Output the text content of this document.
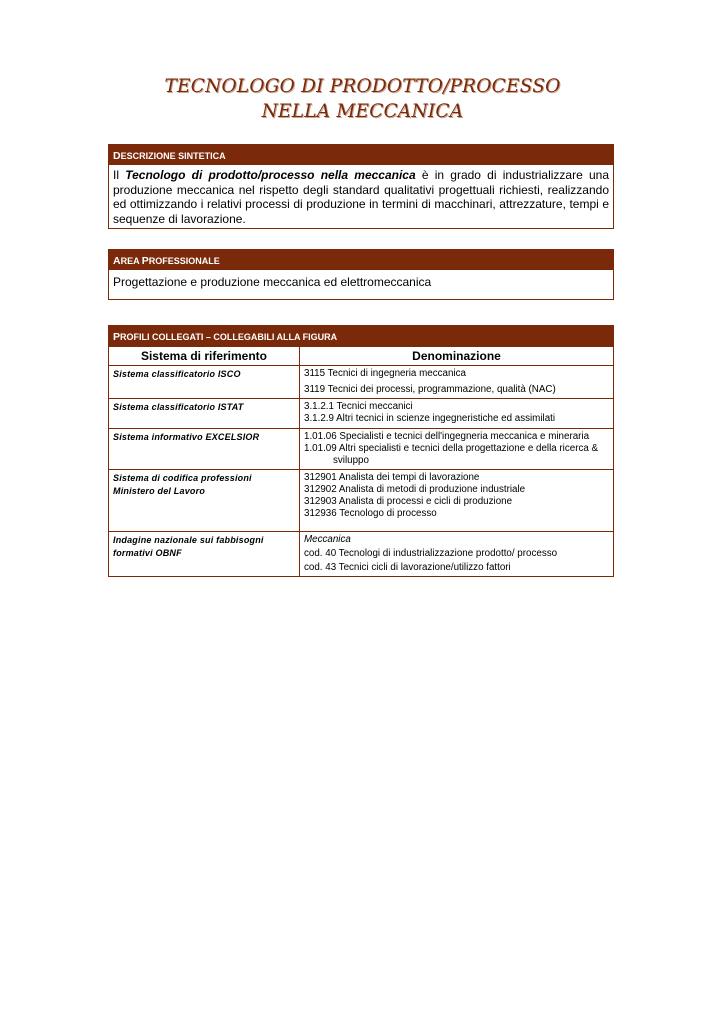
TECNOLOGO DI PRODOTTO/PROCESSO
NELLA MECCANICA
DESCRIZIONE SINTETICA
Il Tecnologo di prodotto/processo nella meccanica è in grado di industrializzare una produzione meccanica nel rispetto degli standard qualitativi progettuali richiesti, realizzando ed ottimizzando i relativi processi di produzione in termini di macchinari, attrezzature, tempi e sequenze di lavorazione.
AREA PROFESSIONALE
Progettazione e produzione meccanica ed elettromeccanica
PROFILI COLLEGATI – COLLEGABILI ALLA FIGURA
Sistema di riferimento	Denominazione
Sistema classificatorio ISCO	3115 Tecnici di ingegneria meccanica
3119 Tecnici dei processi, programmazione, qualità (NAC)

Sistema classificatorio ISTAT	3.1.2.1 Tecnici meccanici
3.1.2.9 Altri tecnici in scienze ingegneristiche ed assimilati

Sistema informativo EXCELSIOR	1.01.06 Specialisti e tecnici dell'ingegneria meccanica e mineraria
1.01.09 Altri specialisti e tecnici della progettazione e della ricerca & sviluppo

Sistema di codifica professioni
Ministero del Lavoro	312901 Analista dei tempi di lavorazione
312902 Analista di metodi di produzione industriale
312903 Analista di processi e cicli di produzione
312936 Tecnologo di processo

Indagine nazionale sui fabbisogni formativi OBNF	Meccanica
cod. 40 Tecnologi di industrializzazione prodotto/ processo
cod. 43 Tecnici cicli di lavorazione/utilizzo fattori
